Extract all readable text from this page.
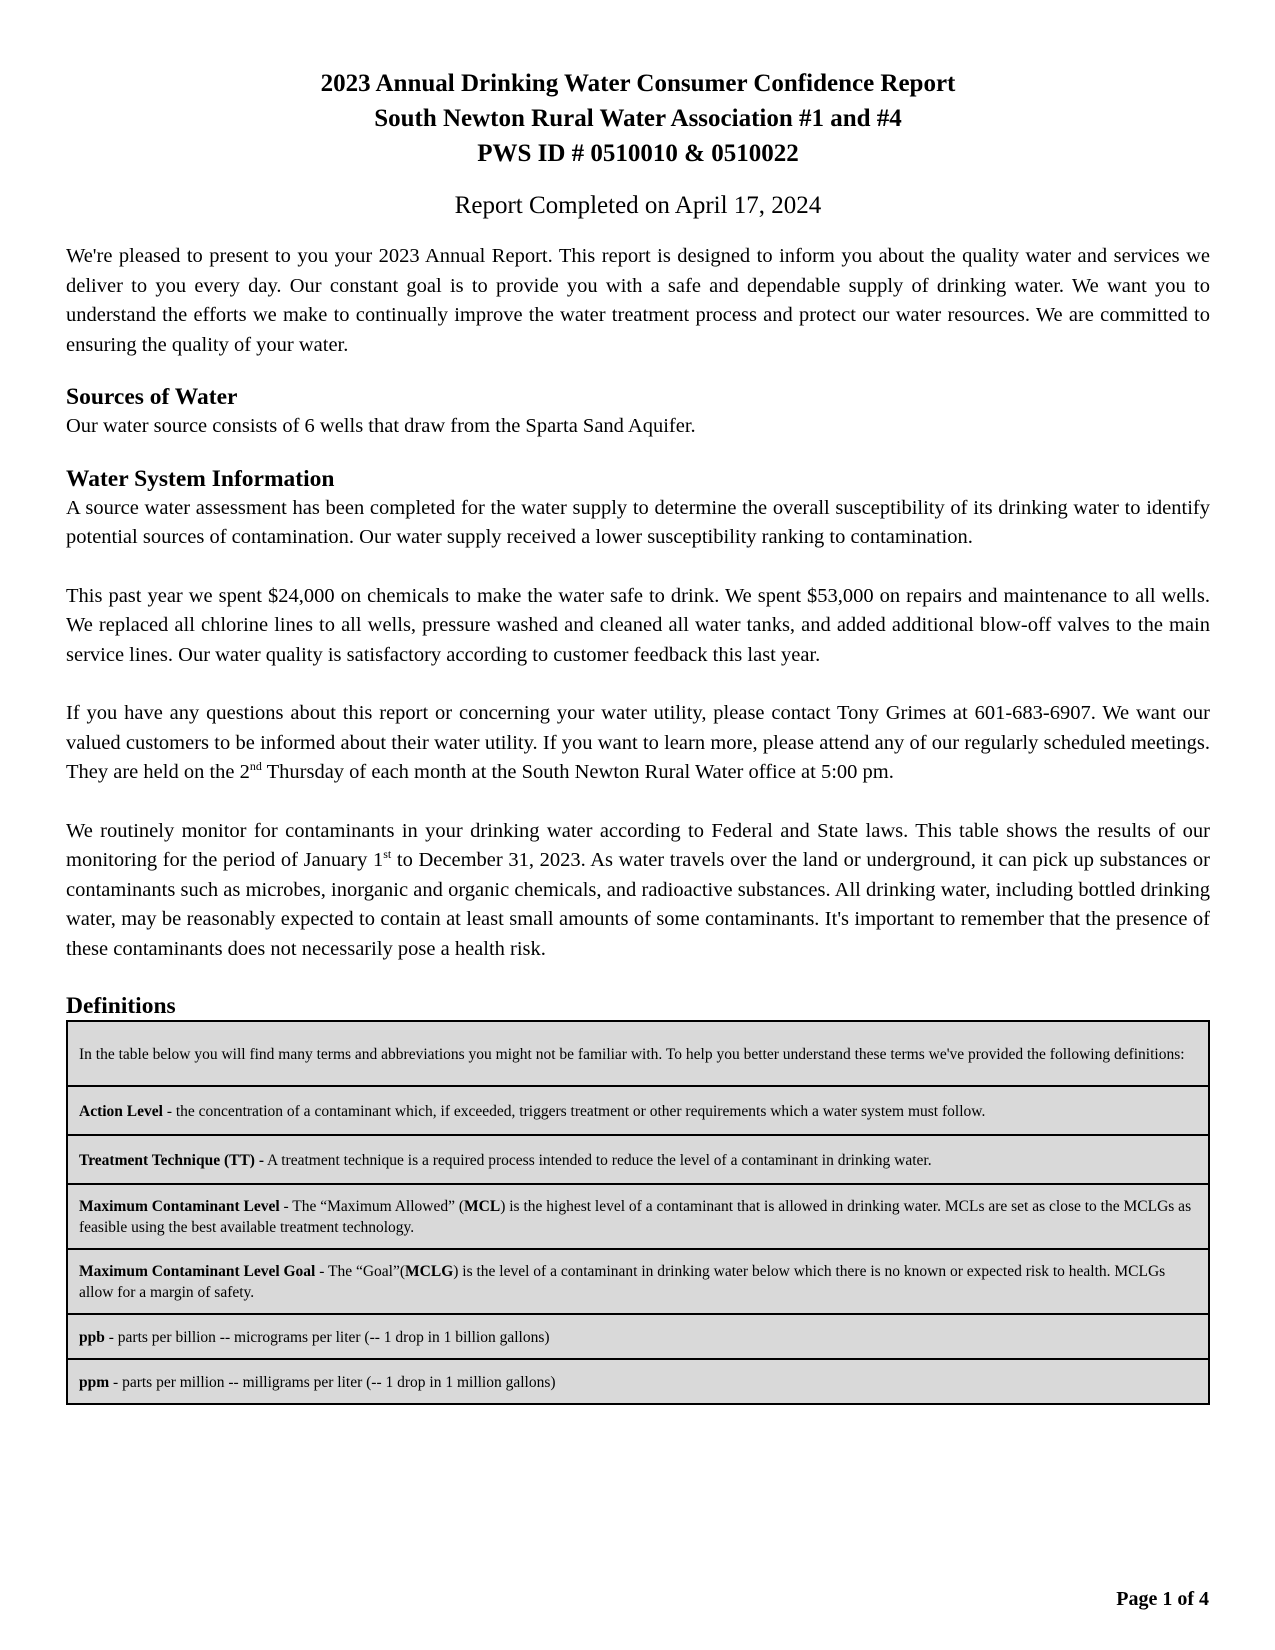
2023 Annual Drinking Water Consumer Confidence Report
South Newton Rural Water Association #1 and #4
PWS ID # 0510010 & 0510022
Report Completed on April 17, 2024

We're pleased to present to you your 2023 Annual Report. This report is designed to inform you about the quality water and services we deliver to you every day. Our constant goal is to provide you with a safe and dependable supply of drinking water. We want you to understand the efforts we make to continually improve the water treatment process and protect our water resources. We are committed to ensuring the quality of your water.

Sources of Water

Our water source consists of 6 wells that draw from the Sparta Sand Aquifer.

Water System Information

A source water assessment has been completed for the water supply to determine the overall susceptibility of its drinking water to identify potential sources of contamination. Our water supply received a lower susceptibility ranking to contamination.

This past year we spent $24,000 on chemicals to make the water safe to drink. We spent $53,000 on repairs and maintenance to all wells. We replaced all chlorine lines to all wells, pressure washed and cleaned all water tanks, and added additional blow-off valves to the main service lines. Our water quality is satisfactory according to customer feedback this last year.

If you have any questions about this report or concerning your water utility, please contact Tony Grimes at 601-683-6907. We want our valued customers to be informed about their water utility. If you want to learn more, please attend any of our regularly scheduled meetings. They are held on the 2nd Thursday of each month at the South Newton Rural Water office at 5:00 pm.

We routinely monitor for contaminants in your drinking water according to Federal and State laws. This table shows the results of our monitoring for the period of January 1st to December 31, 2023. As water travels over the land or underground, it can pick up substances or contaminants such as microbes, inorganic and organic chemicals, and radioactive substances. All drinking water, including bottled drinking water, may be reasonably expected to contain at least small amounts of some contaminants. It's important to remember that the presence of these contaminants does not necessarily pose a health risk.

Definitions
In the table below you will find many terms and abbreviations you might not be familiar with. To help you better understand these terms we've provided the following definitions:
Action Level - the concentration of a contaminant which, if exceeded, triggers treatment or other requirements which a water system must follow.
Treatment Technique (TT) - A treatment technique is a required process intended to reduce the level of a contaminant in drinking water.
Maximum Contaminant Level - The “Maximum Allowed” (MCL) is the highest level of a contaminant that is allowed in drinking water. MCLs are set as close to the MCLGs as feasible using the best available treatment technology.
Maximum Contaminant Level Goal - The “Goal”(MCLG) is the level of a contaminant in drinking water below which there is no known or expected risk to health. MCLGs allow for a margin of safety.
ppb - parts per billion -- micrograms per liter (-- 1 drop in 1 billion gallons)
ppm - parts per million -- milligrams per liter (-- 1 drop in 1 million gallons)
Page 1 of 4
